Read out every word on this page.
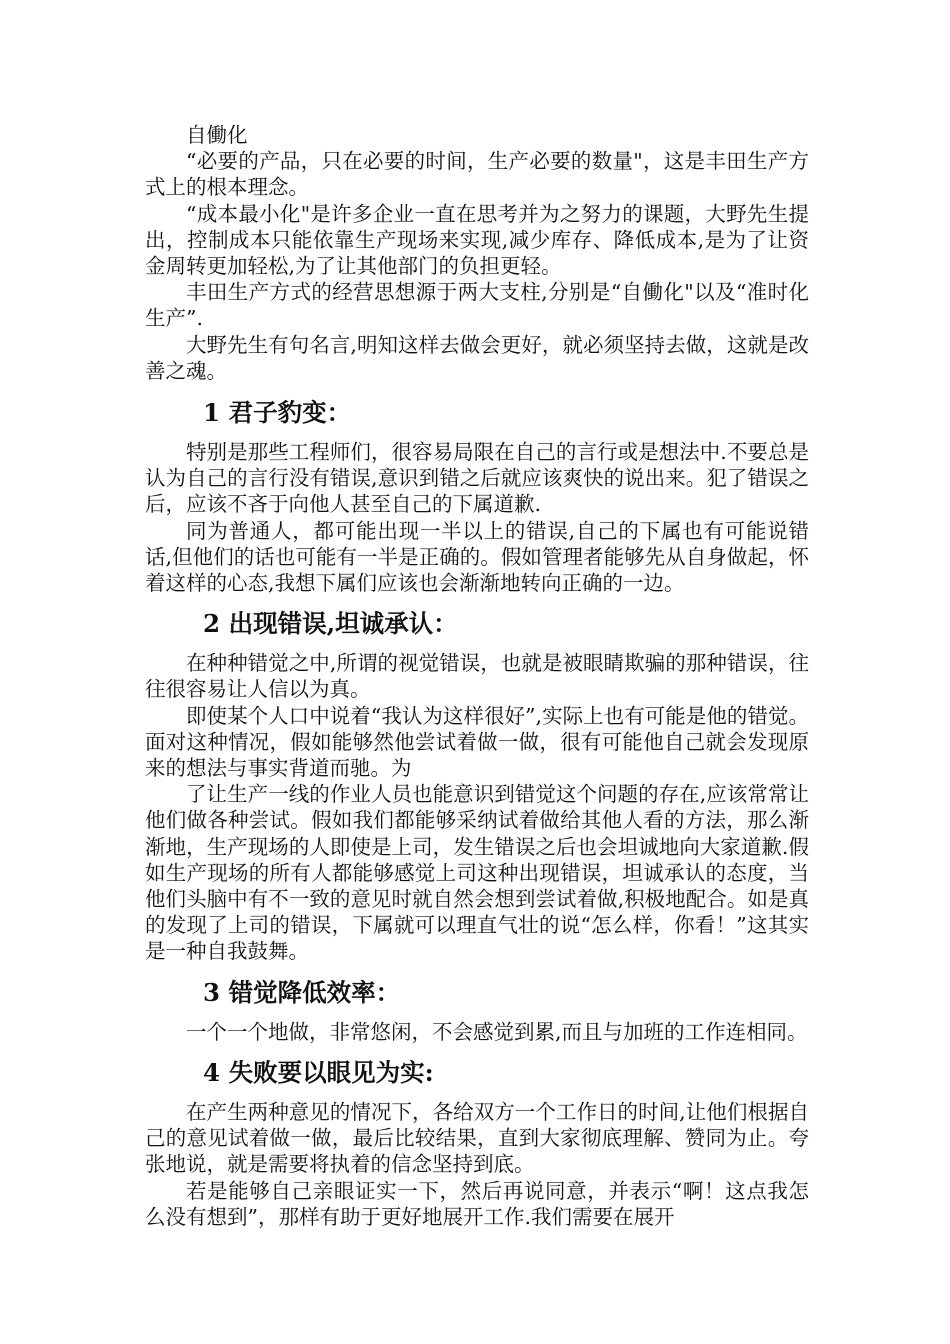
自働化

“必要的产品，只在必要的时间，生产必要的数量"，这是丰田生产方式上的根本理念。

“成本最小化"是许多企业一直在思考并为之努力的课题，大野先生提出，控制成本只能依靠生产现场来实现,减少库存、降低成本,是为了让资金周转更加轻松,为了让其他部门的负担更轻。

丰田生产方式的经营思想源于两大支柱,分别是“自働化"以及“准时化生产”.

大野先生有句名言,明知这样去做会更好，就必须坚持去做，这就是改善之魂。

1 君子豹变：

特别是那些工程师们，很容易局限在自己的言行或是想法中.不要总是认为自己的言行没有错误,意识到错之后就应该爽快的说出来。犯了错误之后，应该不吝于向他人甚至自己的下属道歉.

同为普通人，都可能出现一半以上的错误,自己的下属也有可能说错话,但他们的话也可能有一半是正确的。假如管理者能够先从自身做起，怀着这样的心态,我想下属们应该也会渐渐地转向正确的一边。

2 出现错误,坦诚承认：

在种种错觉之中,所谓的视觉错误，也就是被眼睛欺骗的那种错误，往往很容易让人信以为真。

即使某个人口中说着“我认为这样很好”,实际上也有可能是他的错觉。面对这种情况，假如能够然他尝试着做一做，很有可能他自己就会发现原来的想法与事实背道而驰。为

了让生产一线的作业人员也能意识到错觉这个问题的存在,应该常常让他们做各种尝试。假如我们都能够采纳试着做给其他人看的方法，那么渐渐地，生产现场的人即使是上司，发生错误之后也会坦诚地向大家道歉.假如生产现场的所有人都能够感觉上司这种出现错误，坦诚承认的态度，当他们头脑中有不一致的意见时就自然会想到尝试着做,积极地配合。如是真的发现了上司的错误，下属就可以理直气壮的说“怎么样，你看！”这其实是一种自我鼓舞。

3 错觉降低效率：

一个一个地做，非常悠闲，不会感觉到累,而且与加班的工作连相同。

4 失败要以眼见为实:

在产生两种意见的情况下，各给双方一个工作日的时间,让他们根据自己的意见试着做一做，最后比较结果，直到大家彻底理解、赞同为止。夸张地说，就是需要将执着的信念坚持到底。

若是能够自己亲眼证实一下，然后再说同意，并表示“啊！这点我怎么没有想到”，那样有助于更好地展开工作.我们需要在展开
